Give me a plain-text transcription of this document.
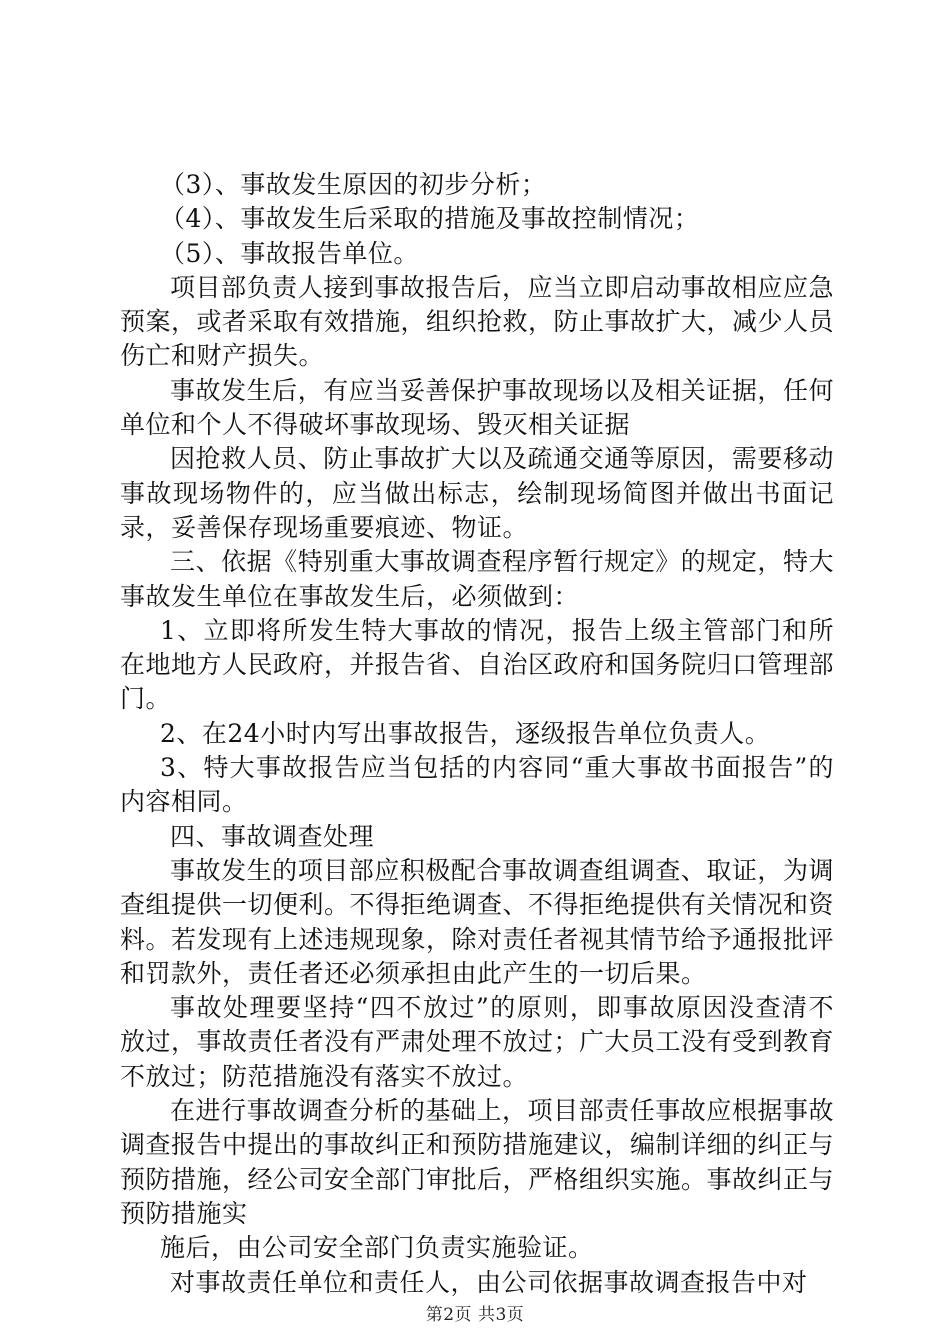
（3）、事故发生原因的初步分析；

（4）、事故发生后采取的措施及事故控制情况；

（5）、事故报告单位。

项目部负责人接到事故报告后，应当立即启动事故相应应急预案，或者采取有效措施，组织抢救，防止事故扩大，减少人员伤亡和财产损失。

事故发生后，有应当妥善保护事故现场以及相关证据，任何单位和个人不得破坏事故现场、毁灭相关证据

因抢救人员、防止事故扩大以及疏通交通等原因，需要移动事故现场物件的，应当做出标志，绘制现场简图并做出书面记录，妥善保存现场重要痕迹、物证。

三、依据《特别重大事故调查程序暂行规定》的规定，特大事故发生单位在事故发生后，必须做到：

1、立即将所发生特大事故的情况，报告上级主管部门和所在地地方人民政府，并报告省、自治区政府和国务院归口管理部门。

2、在24小时内写出事故报告，逐级报告单位负责人。

3、特大事故报告应当包括的内容同“重大事故书面报告”的内容相同。

四、事故调查处理

事故发生的项目部应积极配合事故调查组调查、取证，为调查组提供一切便利。不得拒绝调查、不得拒绝提供有关情况和资料。若发现有上述违规现象，除对责任者视其情节给予通报批评和罚款外，责任者还必须承担由此产生的一切后果。

事故处理要坚持“四不放过”的原则，即事故原因没查清不放过，事故责任者没有严肃处理不放过；广大员工没有受到教育不放过；防范措施没有落实不放过。

在进行事故调查分析的基础上，项目部责任事故应根据事故调查报告中提出的事故纠正和预防措施建议，编制详细的纠正与预防措施，经公司安全部门审批后，严格组织实施。事故纠正与预防措施实

施后，由公司安全部门负责实施验证。

对事故责任单位和责任人，由公司依据事故调查报告中对

第2页 共3页
